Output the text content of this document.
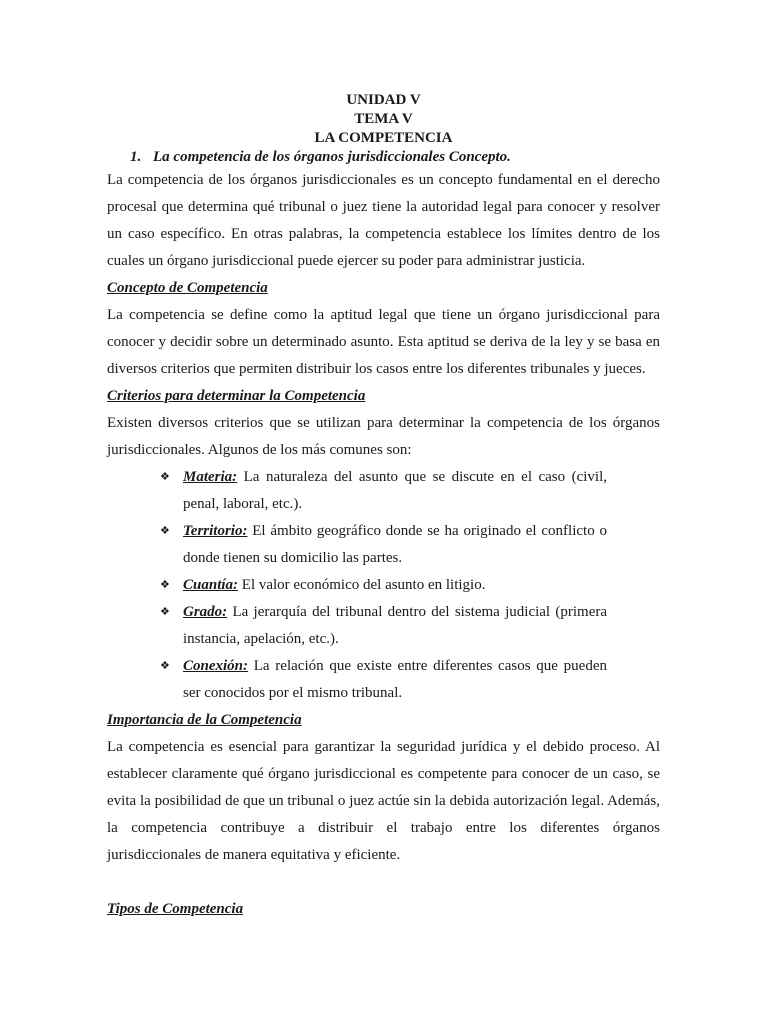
UNIDAD V
TEMA V
LA COMPETENCIA
1. La competencia de los órganos jurisdiccionales Concepto.

La competencia de los órganos jurisdiccionales es un concepto fundamental en el derecho procesal que determina qué tribunal o juez tiene la autoridad legal para conocer y resolver un caso específico. En otras palabras, la competencia establece los límites dentro de los cuales un órgano jurisdiccional puede ejercer su poder para administrar justicia.

Concepto de Competencia

La competencia se define como la aptitud legal que tiene un órgano jurisdiccional para conocer y decidir sobre un determinado asunto. Esta aptitud se deriva de la ley y se basa en diversos criterios que permiten distribuir los casos entre los diferentes tribunales y jueces.

Criterios para determinar la Competencia

Existen diversos criterios que se utilizan para determinar la competencia de los órganos jurisdiccionales. Algunos de los más comunes son:

❖ Materia: La naturaleza del asunto que se discute en el caso (civil, penal, laboral, etc.).
❖ Territorio: El ámbito geográfico donde se ha originado el conflicto o donde tienen su domicilio las partes.
❖ Cuantía: El valor económico del asunto en litigio.
❖ Grado: La jerarquía del tribunal dentro del sistema judicial (primera instancia, apelación, etc.).
❖ Conexión: La relación que existe entre diferentes casos que pueden ser conocidos por el mismo tribunal.
Importancia de la Competencia

La competencia es esencial para garantizar la seguridad jurídica y el debido proceso. Al establecer claramente qué órgano jurisdiccional es competente para conocer de un caso, se evita la posibilidad de que un tribunal o juez actúe sin la debida autorización legal. Además, la competencia contribuye a distribuir el trabajo entre los diferentes órganos jurisdiccionales de manera equitativa y eficiente.

Tipos de Competencia
